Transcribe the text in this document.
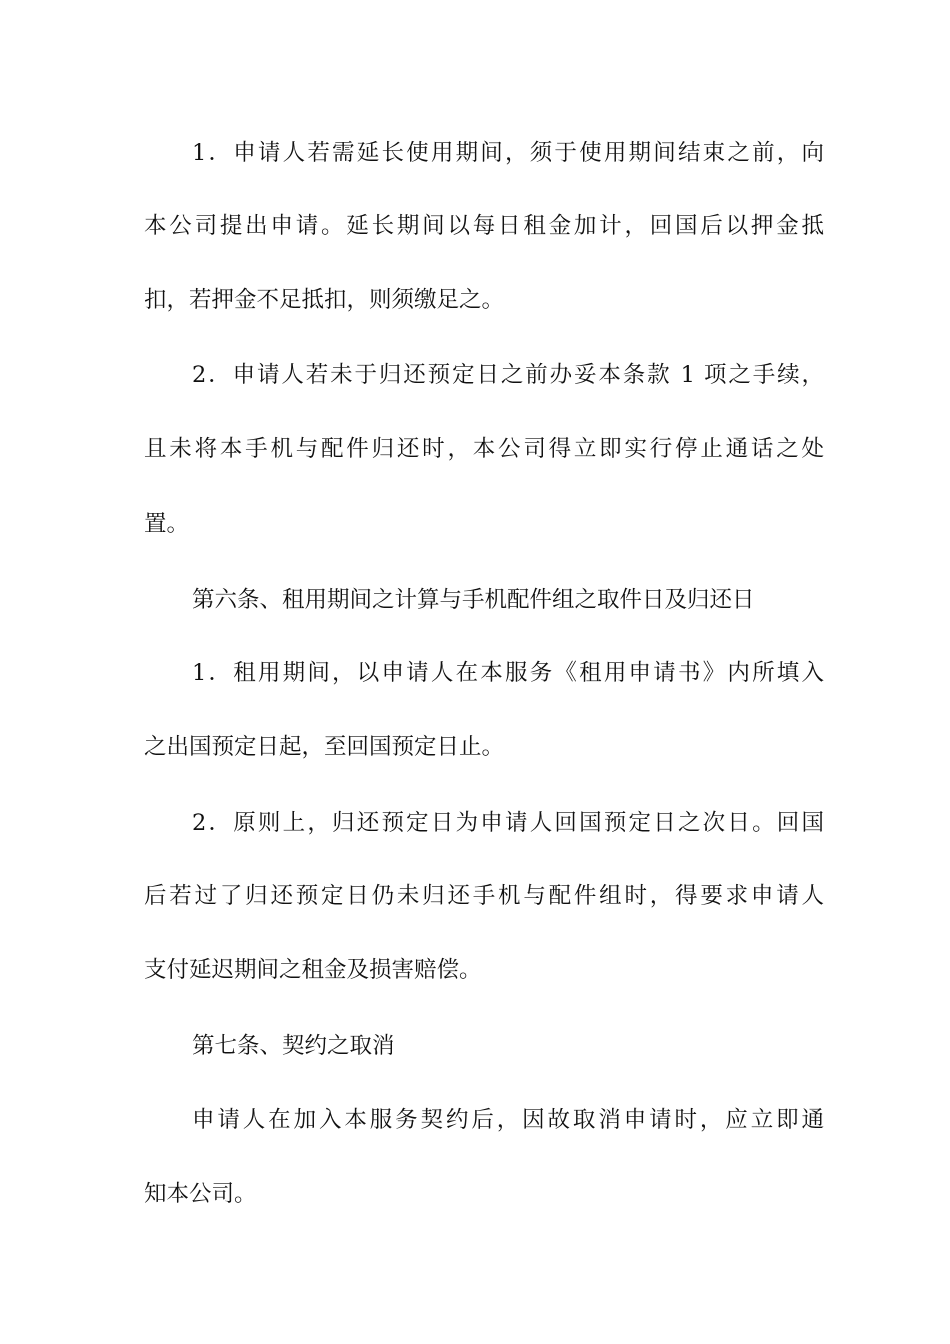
1．申请人若需延长使用期间，须于使用期间结束之前，向
本公司提出申请。延长期间以每日租金加计，回国后以押金抵
扣，若押金不足抵扣，则须缴足之。
2．申请人若未于归还预定日之前办妥本条款 1 项之手续，
且未将本手机与配件归还时，本公司得立即实行停止通话之处
置。
第六条、租用期间之计算与手机配件组之取件日及归还日
1．租用期间，以申请人在本服务《租用申请书》内所填入
之出国预定日起，至回国预定日止。
2．原则上，归还预定日为申请人回国预定日之次日。回国
后若过了归还预定日仍未归还手机与配件组时，得要求申请人
支付延迟期间之租金及损害赔偿。
第七条、契约之取消
申请人在加入本服务契约后，因故取消申请时，应立即通
知本公司。
